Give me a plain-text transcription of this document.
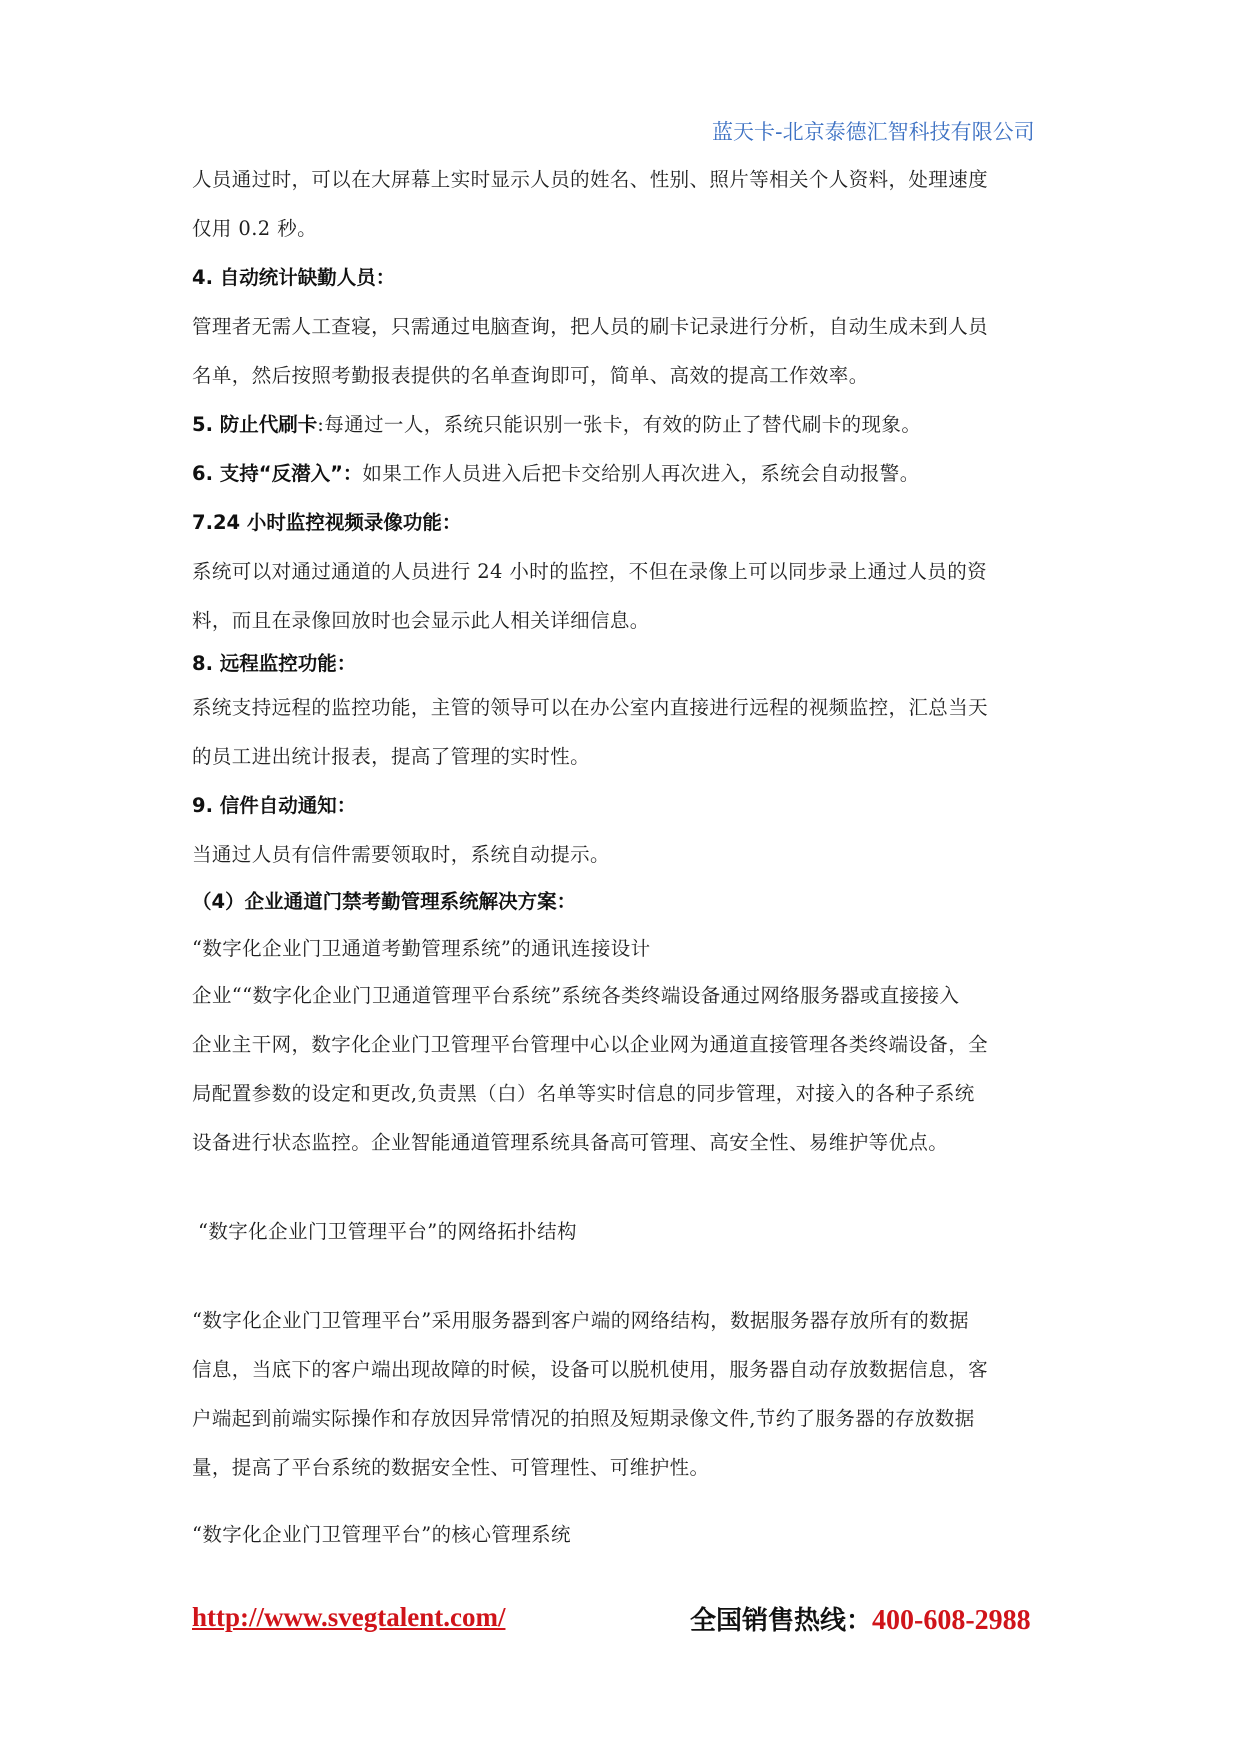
蓝天卡-北京泰德汇智科技有限公司
人员通过时，可以在大屏幕上实时显示人员的姓名、性别、照片等相关个人资料，处理速度
仅用 0.2 秒。
4. 自动统计缺勤人员：
管理者无需人工查寝，只需通过电脑查询，把人员的刷卡记录进行分析，自动生成未到人员
名单，然后按照考勤报表提供的名单查询即可，简单、高效的提高工作效率。
5. 防止代刷卡:每通过一人，系统只能识别一张卡，有效的防止了替代刷卡的现象。
6. 支持“反潜入”：如果工作人员进入后把卡交给别人再次进入，系统会自动报警。
7.24 小时监控视频录像功能：
系统可以对通过通道的人员进行 24 小时的监控，不但在录像上可以同步录上通过人员的资
料，而且在录像回放时也会显示此人相关详细信息。
8. 远程监控功能：
系统支持远程的监控功能，主管的领导可以在办公室内直接进行远程的视频监控，汇总当天
的员工进出统计报表，提高了管理的实时性。
9. 信件自动通知：
当通过人员有信件需要领取时，系统自动提示。
（4）企业通道门禁考勤管理系统解决方案：
“数字化企业门卫通道考勤管理系统”的通讯连接设计
企业““数字化企业门卫通道管理平台系统”系统各类终端设备通过网络服务器或直接接入
企业主干网，数字化企业门卫管理平台管理中心以企业网为通道直接管理各类终端设备，全
局配置参数的设定和更改,负责黑（白）名单等实时信息的同步管理，对接入的各种子系统
设备进行状态监控。企业智能通道管理系统具备高可管理、高安全性、易维护等优点。
“数字化企业门卫管理平台”的网络拓扑结构
“数字化企业门卫管理平台”采用服务器到客户端的网络结构，数据服务器存放所有的数据
信息，当底下的客户端出现故障的时候，设备可以脱机使用，服务器自动存放数据信息，客
户端起到前端实际操作和存放因异常情况的拍照及短期录像文件,节约了服务器的存放数据
量，提高了平台系统的数据安全性、可管理性、可维护性。
“数字化企业门卫管理平台”的核心管理系统
http://www.svegtalent.com/	全国销售热线：400-608-2988
